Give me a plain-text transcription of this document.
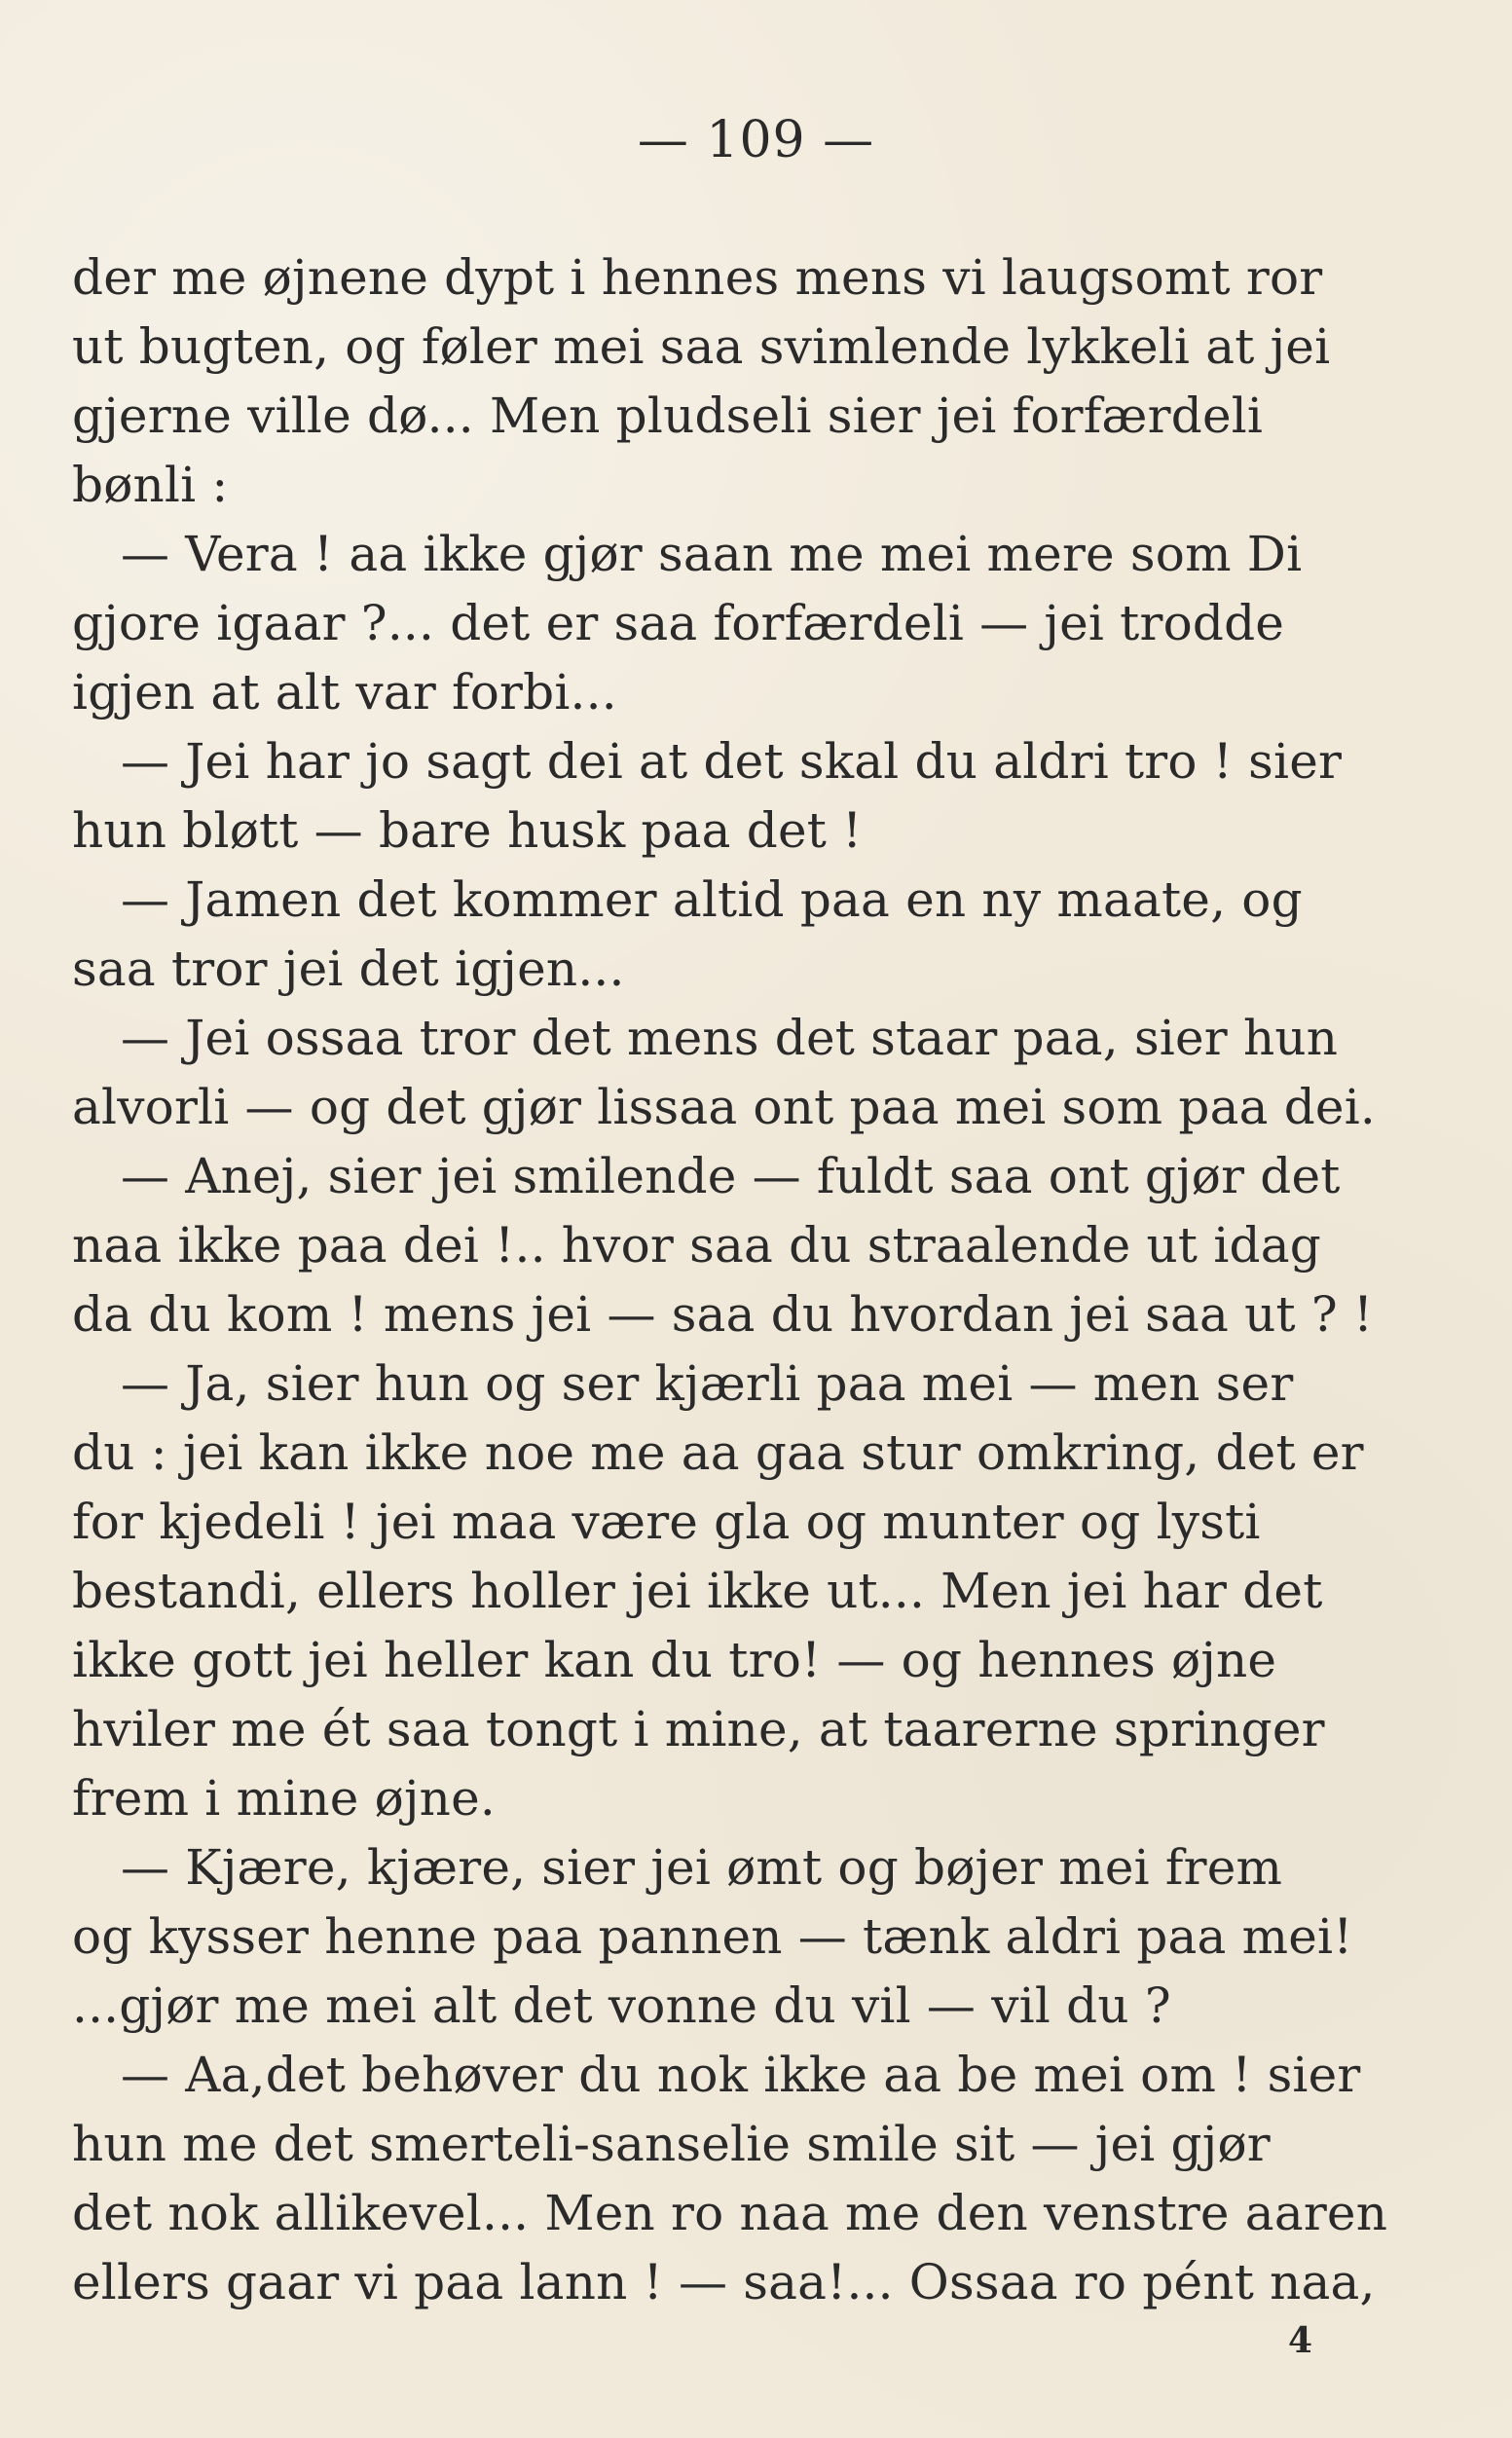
— 109 —
der me øjnene dypt i hennes mens vi laugsomt ror
ut bugten, og føler mei saa svimlende lykkeli at jei
gjerne ville dø... Men pludseli sier jei forfærdeli
bønli :
— Vera ! aa ikke gjør saan me mei mere som Di
gjore igaar ?... det er saa forfærdeli — jei trodde
igjen at alt var forbi...
— Jei har jo sagt dei at det skal du aldri tro ! sier
hun bløtt — bare husk paa det !
— Jamen det kommer altid paa en ny maate, og
saa tror jei det igjen...
— Jei ossaa tror det mens det staar paa, sier hun
alvorli — og det gjør lissaa ont paa mei som paa dei.
— Anej, sier jei smilende — fuldt saa ont gjør det
naa ikke paa dei !.. hvor saa du straalende ut idag
da du kom ! mens jei — saa du hvordan jei saa ut ? !
— Ja, sier hun og ser kjærli paa mei — men ser
du : jei kan ikke noe me aa gaa stur omkring, det er
for kjedeli ! jei maa være gla og munter og lysti
bestandi, ellers holler jei ikke ut... Men jei har det
ikke gott jei heller kan du tro! — og hennes øjne
hviler me ét saa tongt i mine, at taarerne springer
frem i mine øjne.
— Kjære, kjære, sier jei ømt og bøjer mei frem
og kysser henne paa pannen — tænk aldri paa mei!
...gjør me mei alt det vonne du vil — vil du ?
— Aa,det behøver du nok ikke aa be mei om ! sier
hun me det smerteli-sanselie smile sit — jei gjør
det nok allikevel... Men ro naa me den venstre aaren
ellers gaar vi paa lann ! — saa!... Ossaa ro pént naa,
4
